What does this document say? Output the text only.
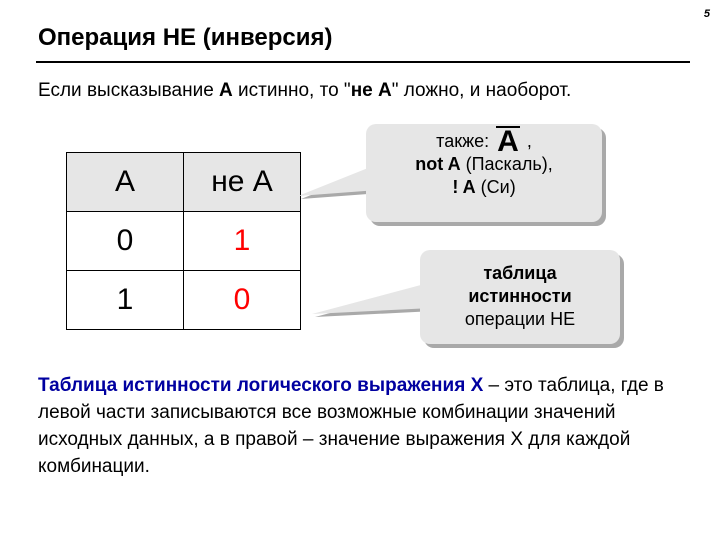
5
Операция НЕ (инверсия)
Если высказывание A истинно, то "не А" ложно, и наоборот.
A	не A
0	1
1	0
также: A ,
not A (Паскаль),
! A (Си)
таблица
истинности
операции НЕ
Таблица истинности логического выражения Х – это таблица, где в левой части записываются все возможные комбинации значений исходных данных, а в правой – значение выражения Х для каждой комбинации.
